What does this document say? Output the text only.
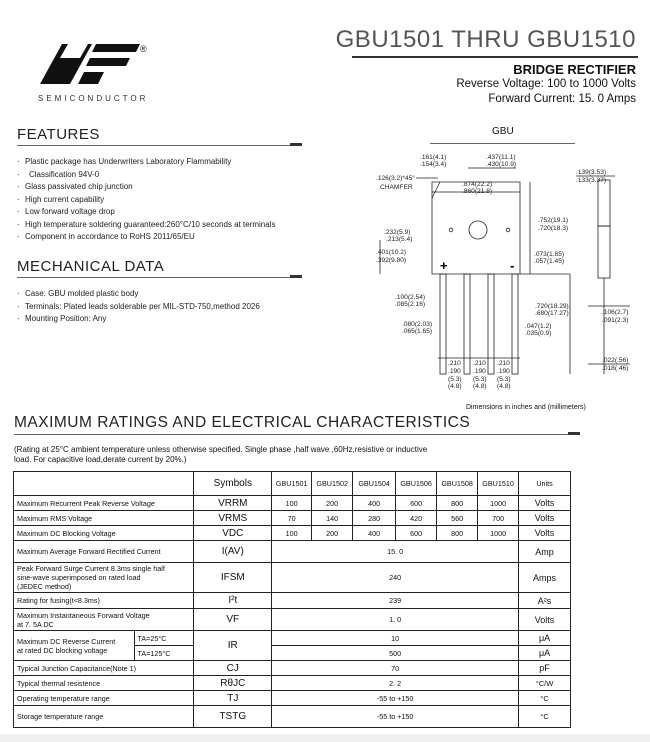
®
SEMICONDUCTOR
GBU1501 THRU GBU1510
BRIDGE RECTIFIER
Reverse Voltage: 100 to 1000 Volts
Forward Current: 15. 0 Amps
FEATURES
· Plastic package has Underwriters Laboratory Flammability
· Classification 94V-0
· Glass passivated chip junction
· High current capability
· Low forward voltage drop
· High temperature soldering guaranteed:260°C/10 seconds at terminals
· Component in accordance to RoHS 2011/65/EU
MECHANICAL DATA
· Case: GBU molded plastic body
· Terminals: Plated leads solderable per MIL-STD-750,method 2026
· Mounting Position: Any
GBU
.161(4.1)
.154(3.4)
.437(11.1)
.430(10.9)
.126(3.2)*45°
CHAMFER	.874(22.2)
.860(21.8)
.139(3.53)
.133(3.37)
.752(19.1)
.720(18.3)
.232(5.9)
.213(5.4)
.401(10.2)
.392(9.80)
.073(1.85)
.057(1.45)
.100(2.54)
.085(2.16)	.720(18.29)
.680(17.27)	.106(2.7)
.091(2.3)
.080(2.03)
.065(1.65)
.047(1.2)
.035(0.9)
.210
.190
(5.3)
(4.8)
.210
.190
(5.3)
(4.8)
.210
.190
(5.3)
(4.8)
.022(.56)
.018(.46)
+	-
Dimensions in inches and (millimeters)
MAXIMUM RATINGS AND ELECTRICAL CHARACTERISTICS
(Rating at 25°C ambient temperature unless otherwise specified. Single phase ,half wave ,60Hz,resistive or inductive
load. For capacitive load,derate current by 20%.)
		Symbols	GBU1501	GBU1502	GBU1504	GBU1506	GBU1508	GBU1510	Units
Maximum Recurrent Peak Reverse Voltage		VRRM	100	200	400	600	800	1000	Volts
Maximum RMS Voltage		VRMS	70	140	280	420	560	700	Volts
Maximum DC Blocking Voltage		VDC	100	200	400	600	800	1000	Volts
Maximum Average Forward Rectified Current		I(AV)	15. 0						Amp

Peak Forward Surge Current 8.3ms single half
sine-wave superimposed on rated load
(JEDEC method)		IFSM	240						Amps
Rating for fusing(t<8.3ms)		I²t	239						A²s

Maximum Instantaneous Forward Voltage
at 7. 5A DC		VF	1. 0						Volts

Maximum DC Reverse Current
at rated DC blocking voltage	TA=25°C	IR	10						μA
	TA=125°C		500						μA
Typical Junction Capacitance(Note 1)		CJ	70						pF
Typical thermal resistence		RθJC	2. 2						°C/W
Operating temperature range		TJ	-55 to +150						°C
Storage temperature range		TSTG	-55 to +150						°C
